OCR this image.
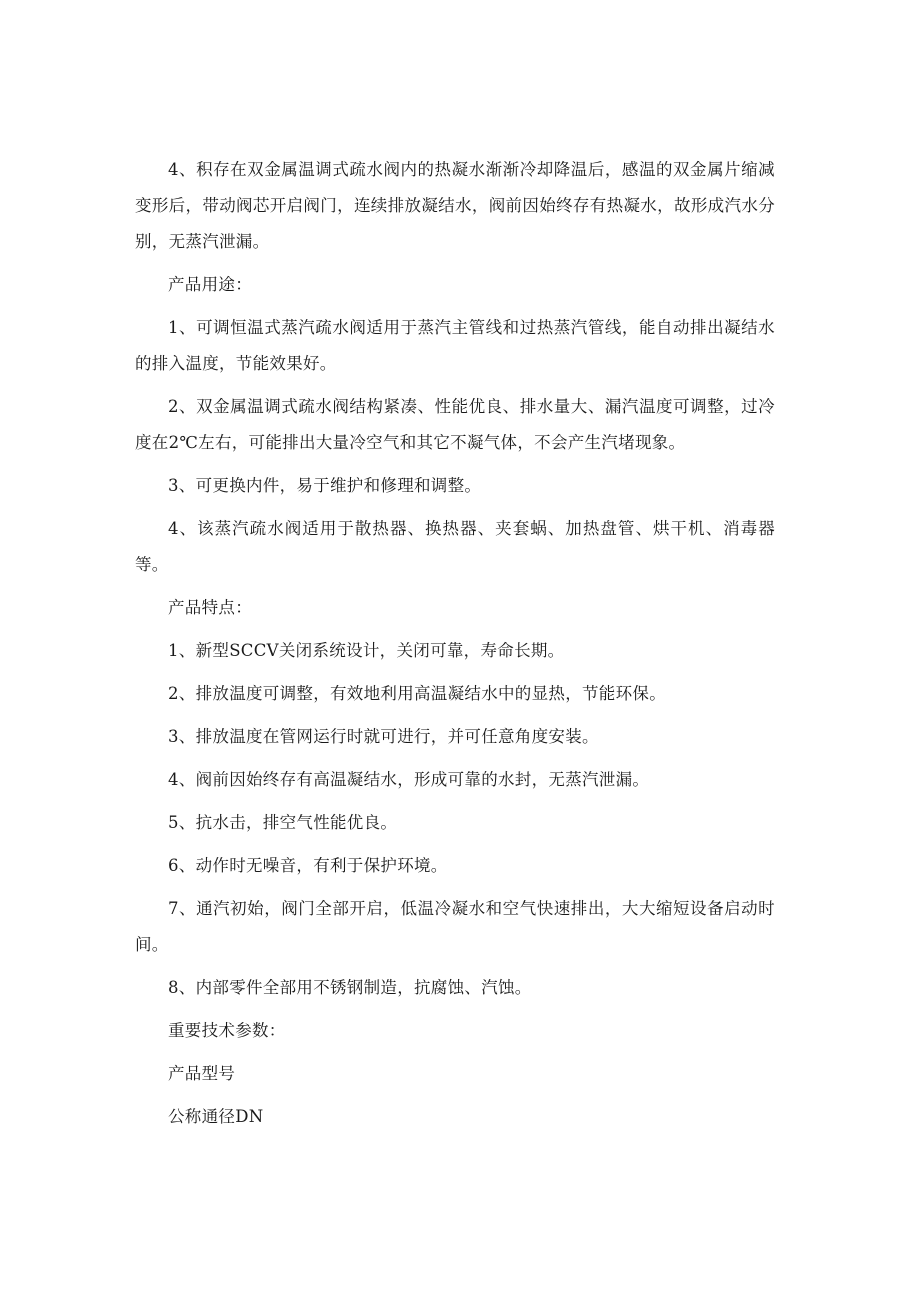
4、积存在双金属温调式疏水阀内的热凝水渐渐冷却降温后，感温的双金属片缩减变形后，带动阀芯开启阀门，连续排放凝结水，阀前因始终存有热凝水，故形成汽水分别，无蒸汽泄漏。

产品用途：

1、可调恒温式蒸汽疏水阀适用于蒸汽主管线和过热蒸汽管线，能自动排出凝结水的排入温度，节能效果好。

2、双金属温调式疏水阀结构紧凑、性能优良、排水量大、漏汽温度可调整，过冷度在2℃左右，可能排出大量冷空气和其它不凝气体，不会产生汽堵现象。

3、可更换内件，易于维护和修理和调整。

4、该蒸汽疏水阀适用于散热器、换热器、夹套蜗、加热盘管、烘干机、消毒器等。

产品特点：

1、新型SCCV关闭系统设计，关闭可靠，寿命长期。

2、排放温度可调整，有效地利用高温凝结水中的显热，节能环保。

3、排放温度在管网运行时就可进行，并可任意角度安装。

4、阀前因始终存有高温凝结水，形成可靠的水封，无蒸汽泄漏。

5、抗水击，排空气性能优良。

6、动作时无噪音，有利于保护环境。

7、通汽初始，阀门全部开启，低温冷凝水和空气快速排出，大大缩短设备启动时间。

8、内部零件全部用不锈钢制造，抗腐蚀、汽蚀。

重要技术参数：

产品型号

公称通径DN
